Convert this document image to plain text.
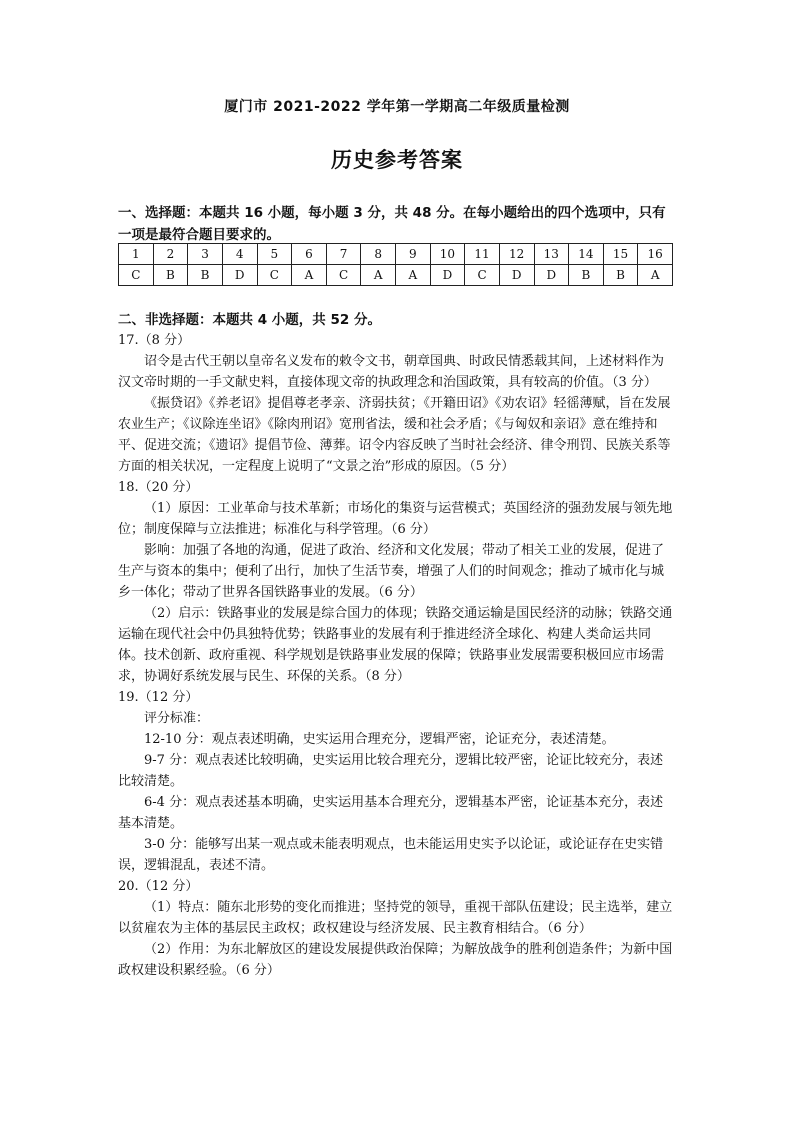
厦门市 2021-2022 学年第一学期高二年级质量检测
历史参考答案
一、选择题：本题共 16 小题，每小题 3 分，共 48 分。在每小题给出的四个选项中，只有一项是最符合题目要求的。
1	2	3	4	5	6	7	8	9	10	11	12	13	14	15	16
C	B	B	D	C	A	C	A	A	D	C	D	D	B	B	A
二、非选择题：本题共 4 小题，共 52 分。

17.（8 分）

诏令是古代王朝以皇帝名义发布的敕令文书，朝章国典、时政民情悉载其间，上述材料作为汉文帝时期的一手文献史料，直接体现文帝的执政理念和治国政策，具有较高的价值。（3 分）

《振贷诏》《养老诏》提倡尊老孝亲、济弱扶贫；《开籍田诏》《劝农诏》轻徭薄赋，旨在发展农业生产；《议除连坐诏》《除肉刑诏》宽刑省法，缓和社会矛盾；《与匈奴和亲诏》意在维持和平、促进交流；《遗诏》提倡节俭、薄葬。诏令内容反映了当时社会经济、律令刑罚、民族关系等方面的相关状况，一定程度上说明了“文景之治”形成的原因。（5 分）

18.（20 分）

（1）原因：工业革命与技术革新；市场化的集资与运营模式；英国经济的强劲发展与领先地位；制度保障与立法推进；标准化与科学管理。（6 分）

影响：加强了各地的沟通，促进了政治、经济和文化发展；带动了相关工业的发展，促进了生产与资本的集中；便利了出行，加快了生活节奏，增强了人们的时间观念；推动了城市化与城乡一体化；带动了世界各国铁路事业的发展。（6 分）

（2）启示：铁路事业的发展是综合国力的体现；铁路交通运输是国民经济的动脉；铁路交通运输在现代社会中仍具独特优势；铁路事业的发展有利于推进经济全球化、构建人类命运共同体。技术创新、政府重视、科学规划是铁路事业发展的保障；铁路事业发展需要积极回应市场需求，协调好系统发展与民生、环保的关系。（8 分）

19.（12 分）

评分标准：

12-10 分：观点表述明确，史实运用合理充分，逻辑严密，论证充分，表述清楚。

9-7 分：观点表述比较明确，史实运用比较合理充分，逻辑比较严密，论证比较充分，表述比较清楚。

6-4 分：观点表述基本明确，史实运用基本合理充分，逻辑基本严密，论证基本充分，表述基本清楚。

3-0 分：能够写出某一观点或未能表明观点，也未能运用史实予以论证，或论证存在史实错误，逻辑混乱，表述不清。

20.（12 分）

（1）特点：随东北形势的变化而推进；坚持党的领导，重视干部队伍建设；民主选举，建立以贫雇农为主体的基层民主政权；政权建设与经济发展、民主教育相结合。（6 分）

（2）作用：为东北解放区的建设发展提供政治保障；为解放战争的胜利创造条件；为新中国政权建设积累经验。（6 分）
